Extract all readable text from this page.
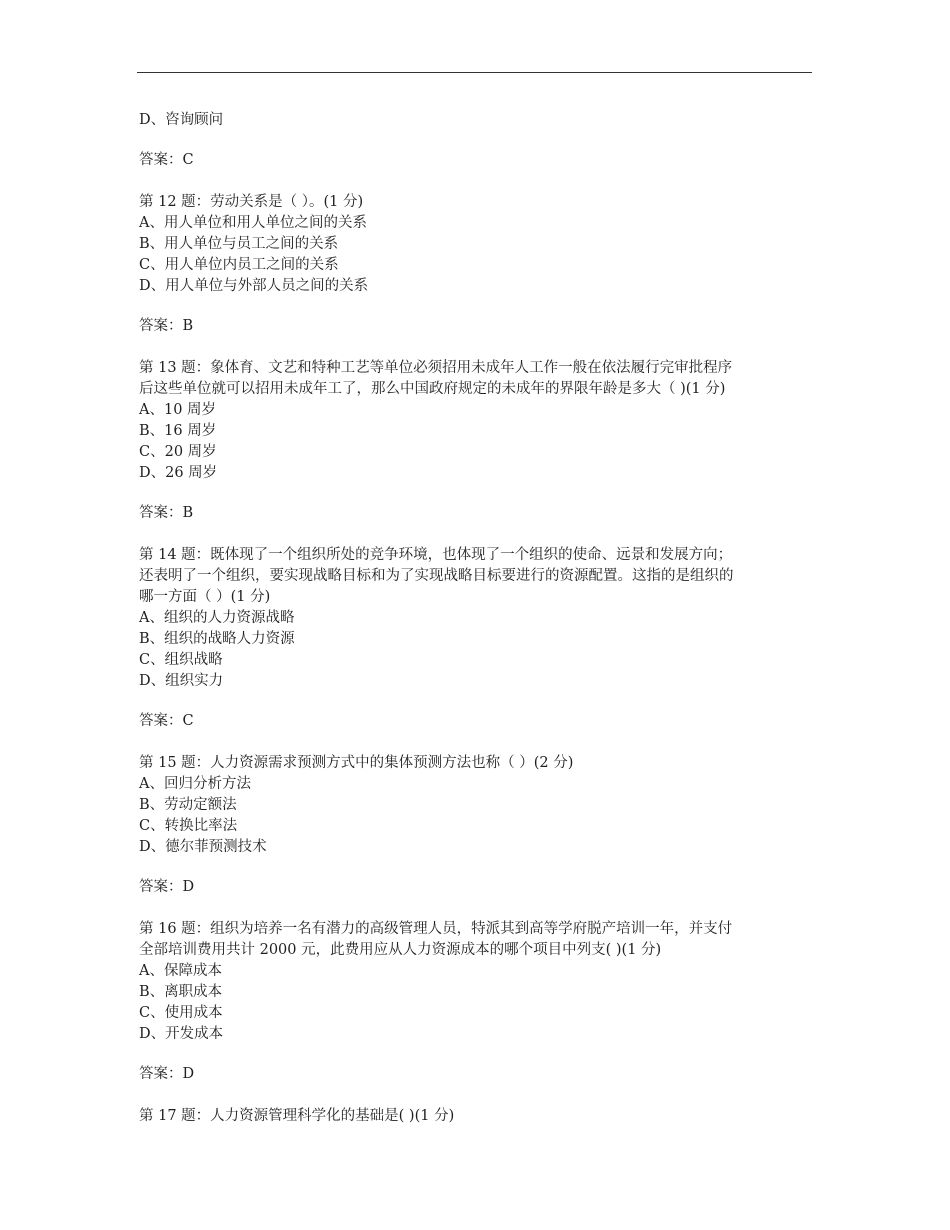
D、咨询顾问
答案：C
第 12 题：劳动关系是（ ）。(1 分)
A、用人单位和用人单位之间的关系
B、用人单位与员工之间的关系
C、用人单位内员工之间的关系
D、用人单位与外部人员之间的关系
答案：B
第 13 题：象体育、文艺和特种工艺等单位必须招用未成年人工作一般在依法履行完审批程序
后这些单位就可以招用未成年工了，那么中国政府规定的未成年的界限年龄是多大（ )(1 分)
A、10 周岁
B、16 周岁
C、20 周岁
D、26 周岁
答案：B
第 14 题：既体现了一个组织所处的竞争环境，也体现了一个组织的使命、远景和发展方向；
还表明了一个组织，要实现战略目标和为了实现战略目标要进行的资源配置。这指的是组织的
哪一方面（ ）(1 分)
A、组织的人力资源战略
B、组织的战略人力资源
C、组织战略
D、组织实力
答案：C
第 15 题：人力资源需求预测方式中的集体预测方法也称（ ）(2 分)
A、回归分析方法
B、劳动定额法
C、转换比率法
D、德尔菲预测技术
答案：D
第 16 题：组织为培养一名有潜力的高级管理人员，特派其到高等学府脱产培训一年，并支付
全部培训费用共计 2000 元，此费用应从人力资源成本的哪个项目中列支( )(1 分)
A、保障成本
B、离职成本
C、使用成本
D、开发成本
答案：D
第 17 题：人力资源管理科学化的基础是( )(1 分)
